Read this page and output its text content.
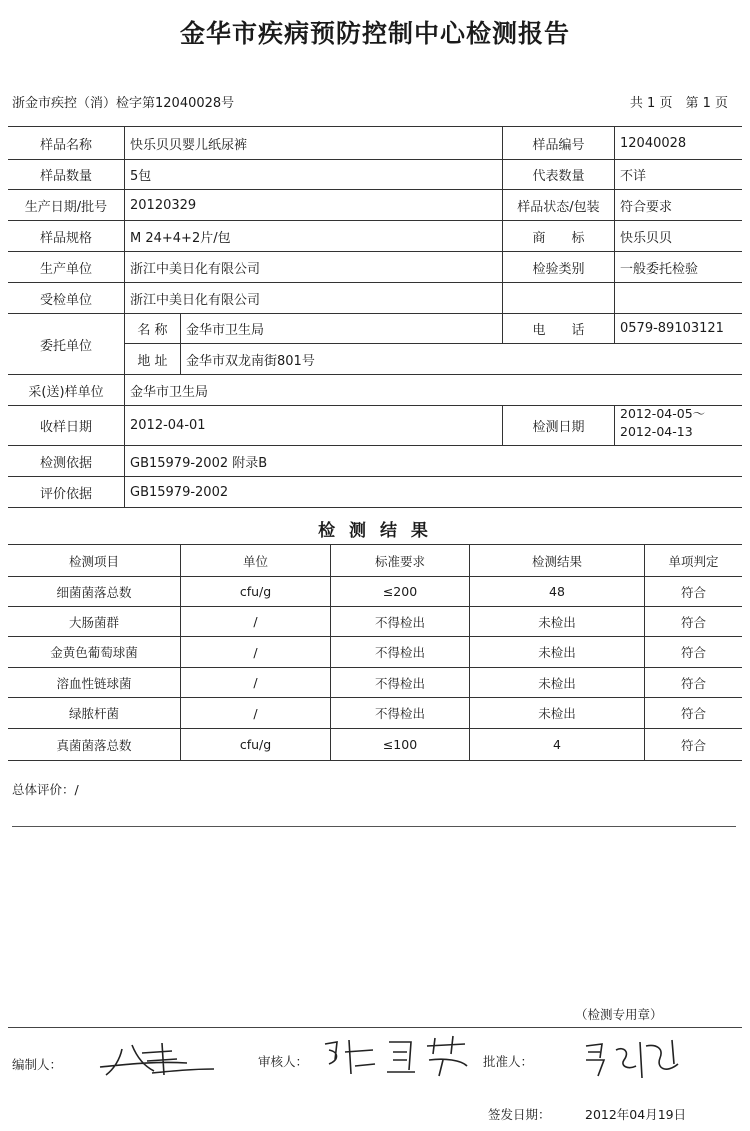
金华市疾病预防控制中心检测报告
浙金市疾控（消）检字第12040028号	共 1 页　第 1 页
样品名称	快乐贝贝婴儿纸尿裤	样品编号	12040028
样品数量	5包	代表数量	不详
生产日期/批号	20120329	样品状态/包装	符合要求
样品规格	M 24+4+2片/包	商　　标	快乐贝贝
生产单位	浙江中美日化有限公司	检验类别	一般委托检验
受检单位	浙江中美日化有限公司
委托单位
名 称	金华市卫生局	电　　话	0579-89103121
地 址	金华市双龙南街801号
采(送)样单位	金华市卫生局
收样日期	2012-04-01	检测日期
2012-04-05～
2012-04-13
检测依据	GB15979-2002 附录B
评价依据	GB15979-2002
检 测 结 果
检测项目	单位	标准要求	检测结果	单项判定
细菌菌落总数	cfu/g	≤200	48	符合
大肠菌群	/	不得检出	未检出	符合
金黄色葡萄球菌	/	不得检出	未检出	符合
溶血性链球菌	/	不得检出	未检出	符合
绿脓杆菌	/	不得检出	未检出	符合
真菌菌落总数	cfu/g	≤100	4	符合
总体评价：/
（检测专用章）
编制人：	审核人：	批准人：
签发日期：	2012年04月19日
